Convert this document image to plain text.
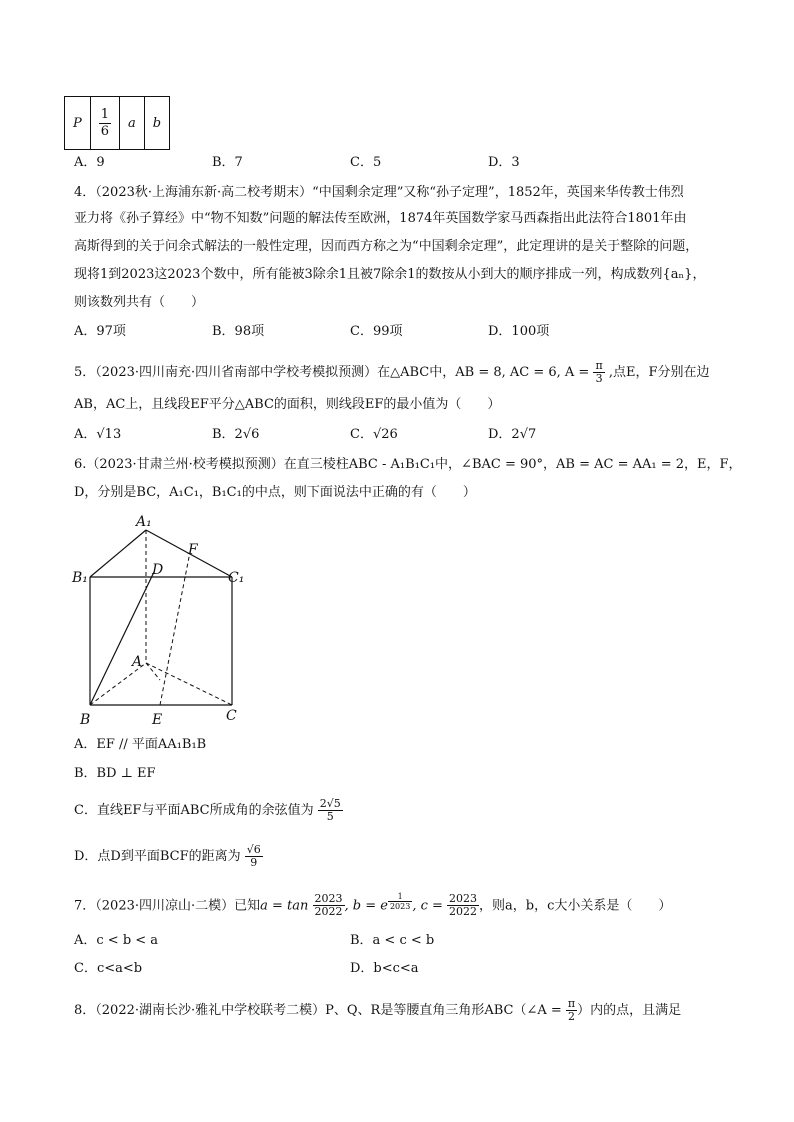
P	$\frac{1}{6}$	a	b
A．9	B．7	C．5	D．3
4．（2023秋·上海浦东新·高二校考期末）“中国剩余定理”又称“孙子定理”，1852年，英国来华传教士伟烈
亚力将《孙子算经》中“物不知数”问题的解法传至欧洲，1874年英国数学家马西森指出此法符合1801年由
高斯得到的关于问余式解法的一般性定理，因而西方称之为“中国剩余定理”，此定理讲的是关于整除的问题，
现将1到2023这2023个数中，所有能被3除余1且被7除余1的数按从小到大的顺序排成一列，构成数列{aₙ}，
则该数列共有（　　）
A．97项	B．98项	C．99项	D．100项
5．（2023·四川南充·四川省南部中学校考模拟预测）在△ABC中，AB = 8, AC = 6, $A = \frac{\pi}{3}$ ,点E，F分别在边
AB，AC上，且线段EF平分△ABC的面积，则线段EF的最小值为（　　）
A．√13	B．2√6	C．√26	D．2√7
6.（2023·甘肃兰州·校考模拟预测）在直三棱柱ABC - A₁B₁C₁中，∠BAC = 90°，AB = AC = AA₁ = 2，E，F，
D，分别是BC，A₁C₁，B₁C₁的中点，则下面说法中正确的有（　　）
A₁
F
B₁	D	C₁
A
B	E	C
A．EF // 平面AA₁B₁B
B．BD ⊥ EF
C．直线EF与平面ABC所成角的余弦值为 $\frac{2√5}{5}$
D．点D到平面BCF的距离为 $\frac{√6}{9}$
7．（2023·四川凉山·二模）已知$a = \tan \frac{2023}{2022}$ , b = e $^{\frac{1}{2023}}$ , $c = \frac{2023}{2022}$ ，则a，b，c大小关系是（　　）
A．c < b < a	B．a < c < b
C．c<a<b	D．b<c<a
8．（2022·湖南长沙·雅礼中学校联考二模）P、Q、R是等腰直角三角形ABC（∠A = $\frac{\pi}{2}$ ）内的点，且满足
